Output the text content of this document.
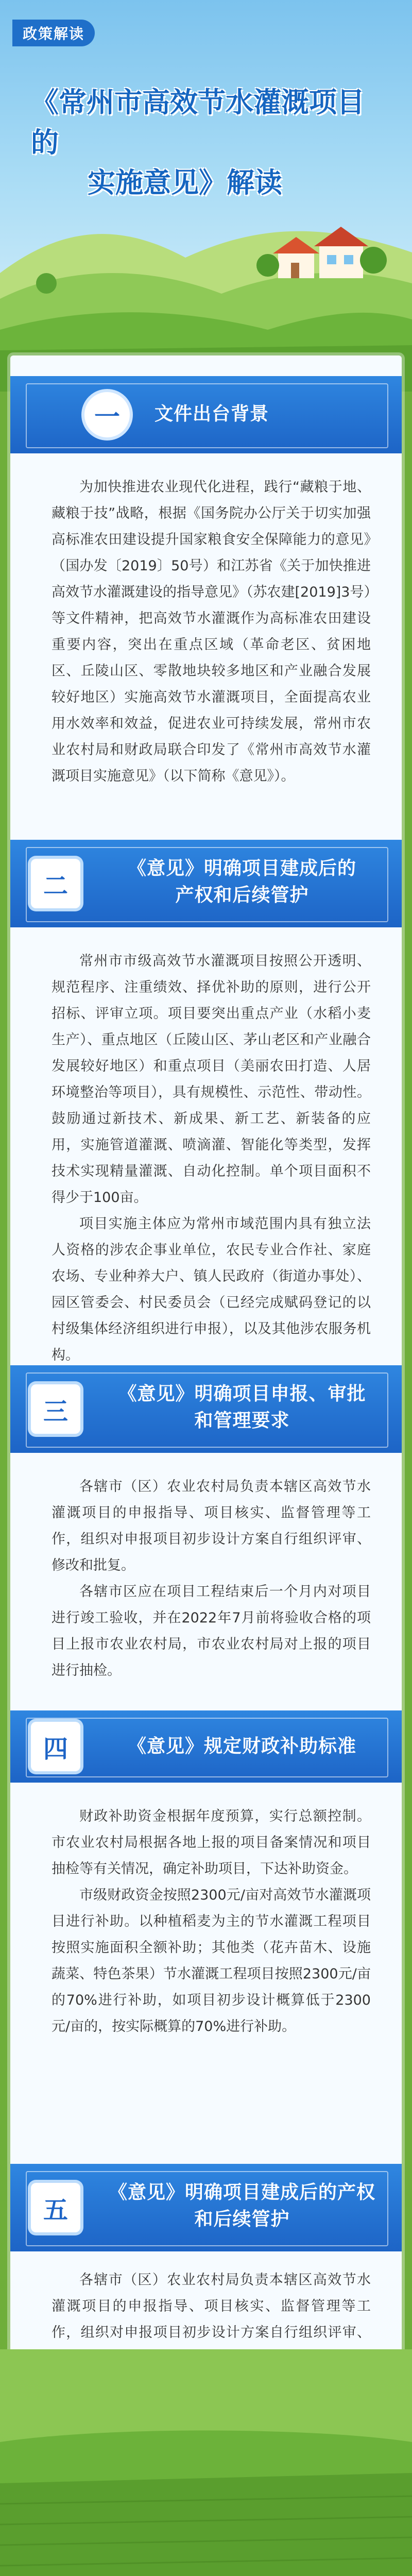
政策解读
《常州市高效节水灌溉项目的
实施意见》解读
一	文件出台背景

为加快推进农业现代化进程，践行“藏粮于地、藏粮于技”战略，根据《国务院办公厅关于切实加强高标准农田建设提升国家粮食安全保障能力的意见》（国办发〔2019〕50号）和江苏省《关于加快推进高效节水灌溉建设的指导意见》（苏农建[2019]3号）等文件精神，把高效节水灌溉作为高标准农田建设重要内容，突出在重点区域（革命老区、贫困地区、丘陵山区、零散地块较多地区和产业融合发展较好地区）实施高效节水灌溉项目，全面提高农业用水效率和效益，促进农业可持续发展，常州市农业农村局和财政局联合印发了《常州市高效节水灌溉项目实施意见》（以下简称《意见》）。

二
《意见》明确项目建成后的
产权和后续管护

常州市市级高效节水灌溉项目按照公开透明、规范程序、注重绩效、择优补助的原则，进行公开招标、评审立项。项目要突出重点产业（水稻小麦生产）、重点地区（丘陵山区、茅山老区和产业融合发展较好地区）和重点项目（美丽农田打造、人居环境整治等项目），具有规模性、示范性、带动性。鼓励通过新技术、新成果、新工艺、新装备的应用，实施管道灌溉、喷滴灌、智能化等类型，发挥技术实现精量灌溉、自动化控制。单个项目面积不得少于100亩。

项目实施主体应为常州市域范围内具有独立法人资格的涉农企事业单位，农民专业合作社、家庭农场、专业种养大户、镇人民政府（街道办事处）、园区管委会、村民委员会（已经完成赋码登记的以村级集体经济组织进行申报），以及其他涉农服务机构。

三
《意见》明确项目申报、审批
和管理要求

各辖市（区）农业农村局负责本辖区高效节水灌溉项目的申报指导、项目核实、监督管理等工作，组织对申报项目初步设计方案自行组织评审、修改和批复。

各辖市区应在项目工程结束后一个月内对项目进行竣工验收，并在2022年7月前将验收合格的项目上报市农业农村局，市农业农村局对上报的项目进行抽检。

四	《意见》规定财政补助标准

财政补助资金根据年度预算，实行总额控制。市农业农村局根据各地上报的项目备案情况和项目抽检等有关情况，确定补助项目，下达补助资金。

市级财政资金按照2300元/亩对高效节水灌溉项目进行补助。以种植稻麦为主的节水灌溉工程项目按照实施面积全额补助；其他类（花卉苗木、设施蔬菜、特色茶果）节水灌溉工程项目按照2300元/亩的70%进行补助，如项目初步设计概算低于2300元/亩的，按实际概算的70%进行补助。

五
《意见》明确项目建成后的产权
和后续管护

各辖市（区）农业农村局负责本辖区高效节水灌溉项目的申报指导、项目核实、监督管理等工作，组织对申报项目初步设计方案自行组织评审、
